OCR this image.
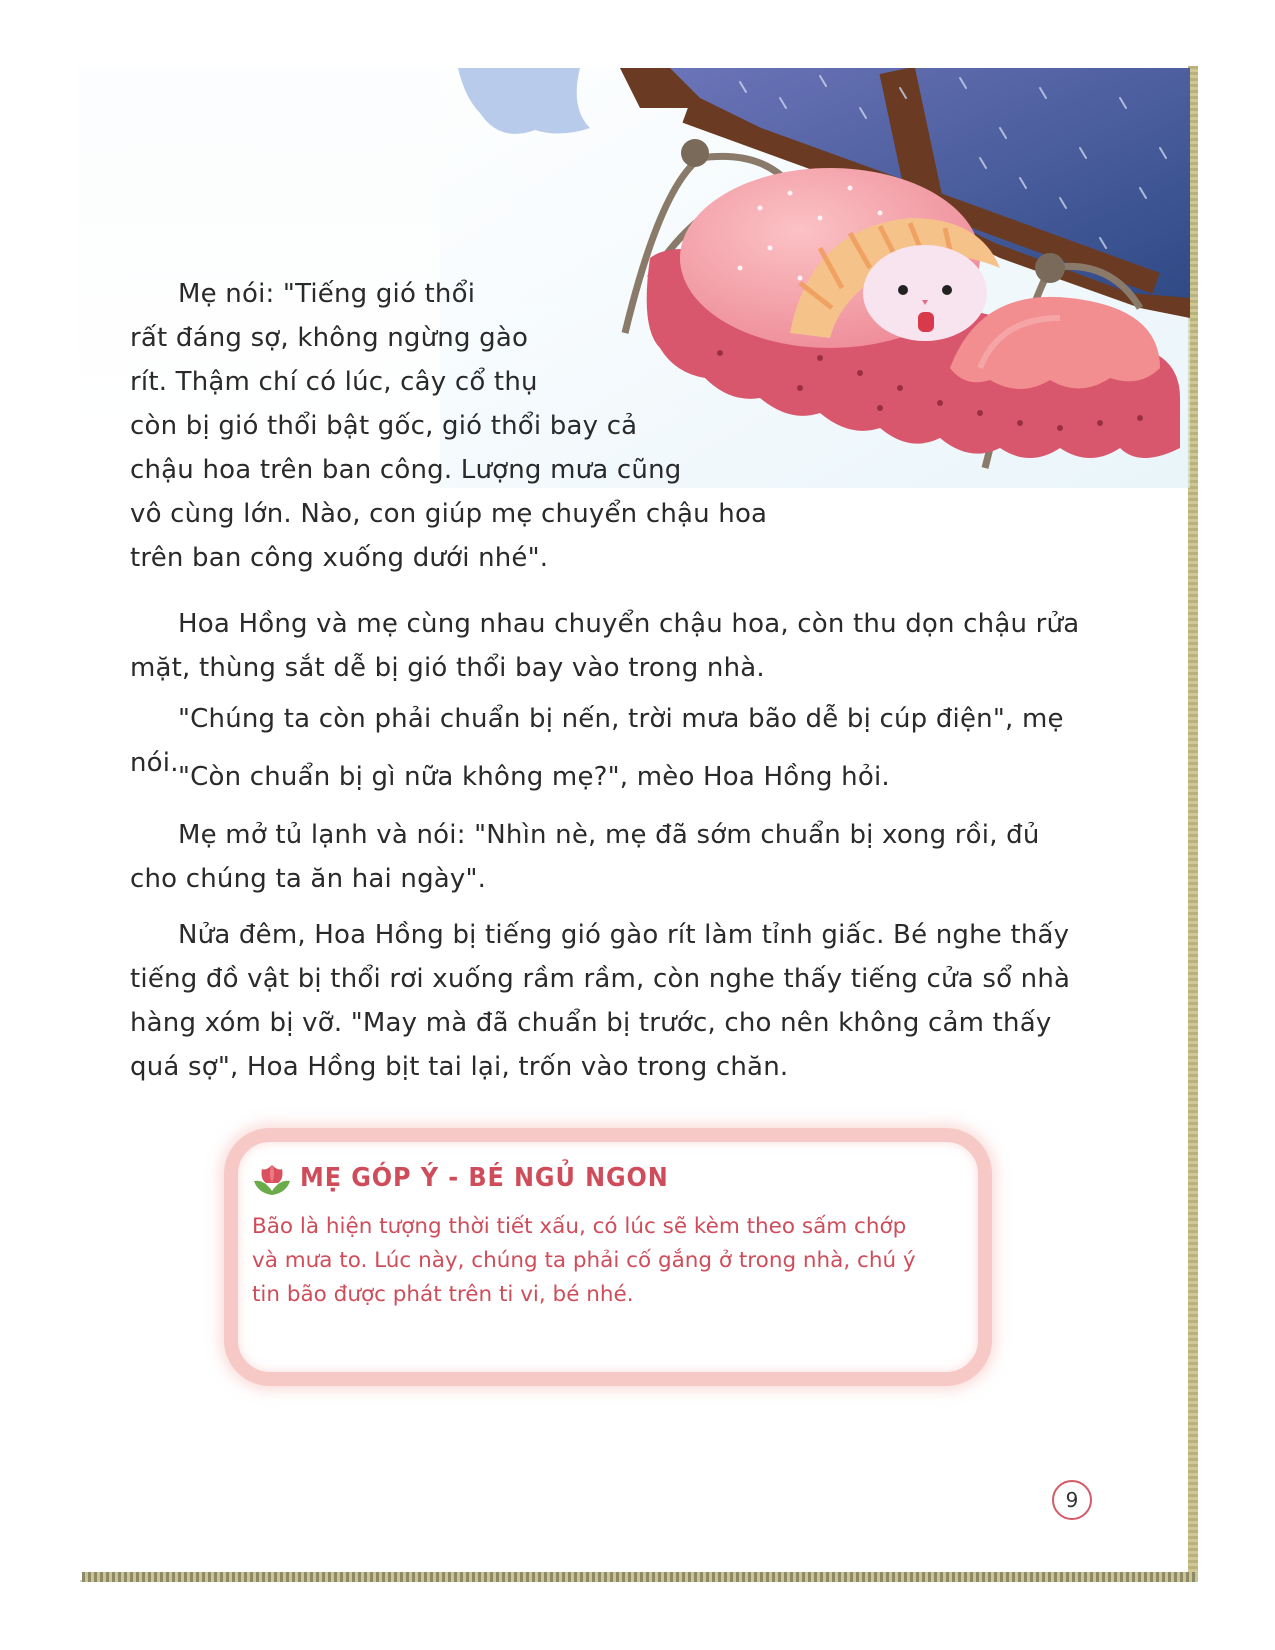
Mẹ nói: "Tiếng gió thổi
rất đáng sợ, không ngừng gào
rít. Thậm chí có lúc, cây cổ thụ
còn bị gió thổi bật gốc, gió thổi bay cả
chậu hoa trên ban công. Lượng mưa cũng
vô cùng lớn. Nào, con giúp mẹ chuyển chậu hoa
trên ban công xuống dưới nhé".

Hoa Hồng và mẹ cùng nhau chuyển chậu hoa, còn thu dọn chậu rửa mặt, thùng sắt dễ bị gió thổi bay vào trong nhà.

"Chúng ta còn phải chuẩn bị nến, trời mưa bão dễ bị cúp điện", mẹ nói. "Còn chuẩn bị gì nữa không mẹ?", mèo Hoa Hồng hỏi.

Mẹ mở tủ lạnh và nói: "Nhìn nè, mẹ đã sớm chuẩn bị xong rồi, đủ cho chúng ta ăn hai ngày".

Nửa đêm, Hoa Hồng bị tiếng gió gào rít làm tỉnh giấc. Bé nghe thấy tiếng đồ vật bị thổi rơi xuống rầm rầm, còn nghe thấy tiếng cửa sổ nhà hàng xóm bị vỡ. "May mà đã chuẩn bị trước, cho nên không cảm thấy quá sợ", Hoa Hồng bịt tai lại, trốn vào trong chăn.

MẸ GÓP Ý - BÉ NGỦ NGON
Bão là hiện tượng thời tiết xấu, có lúc sẽ kèm theo sấm chớp và mưa to. Lúc này, chúng ta phải cố gắng ở trong nhà, chú ý tin bão được phát trên ti vi, bé nhé.
9
